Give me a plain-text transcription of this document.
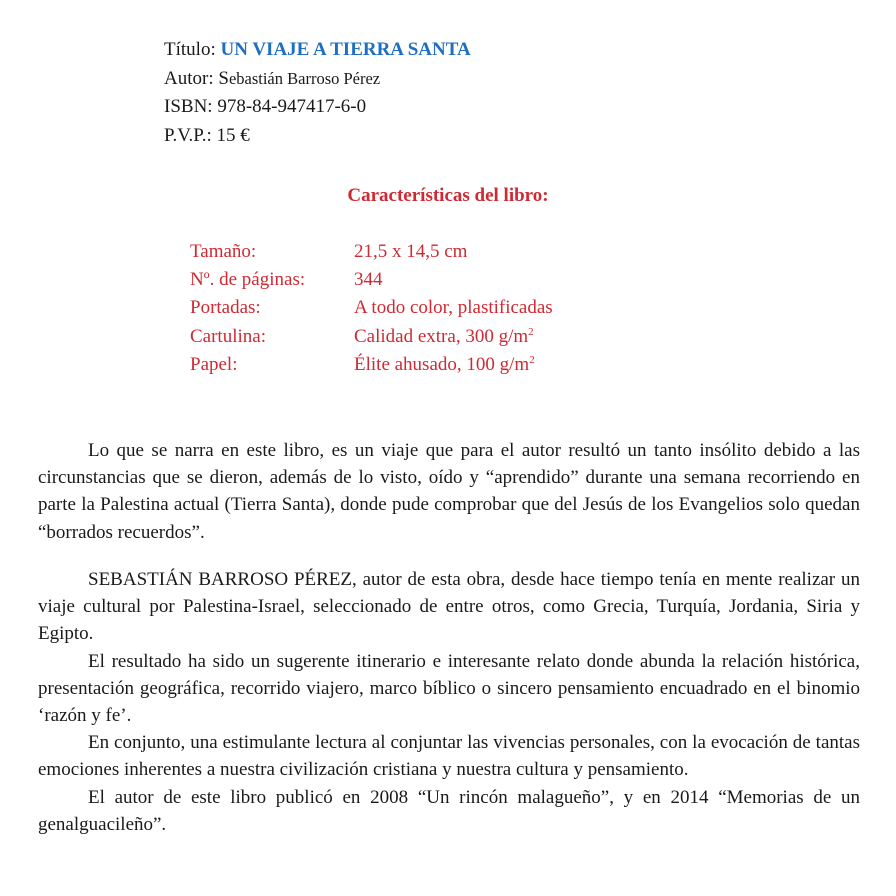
Título: UN VIAJE A TIERRA SANTA
Autor: Sebastián Barroso Pérez
ISBN: 978-84-947417-6-0
P.V.P.: 15 €
Características del libro:
Tamaño:	21,5 x 14,5 cm
Nº. de páginas:	344
Portadas:	A todo color, plastificadas
Cartulina:	Calidad extra, 300 $g/m^2$
Papel:	Élite ahusado, 100 $g/m^2$

Lo que se narra en este libro, es un viaje que para el autor resultó un tanto insólito debido a las circunstancias que se dieron, además de lo visto, oído y “aprendido” durante una semana recorriendo en parte la Palestina actual (Tierra Santa), donde pude comprobar que del Jesús de los Evangelios solo quedan “borrados recuerdos”.

SEBASTIÁN BARROSO PÉREZ, autor de esta obra, desde hace tiempo tenía en mente realizar un viaje cultural por Palestina-Israel, seleccionado de entre otros, como Grecia, Turquía, Jordania, Siria y Egipto.

El resultado ha sido un sugerente itinerario e interesante relato donde abunda la relación histórica, presentación geográfica, recorrido viajero, marco bíblico o sincero pensamiento encuadrado en el binomio ‘razón y fe’.

En conjunto, una estimulante lectura al conjuntar las vivencias personales, con la evocación de tantas emociones inherentes a nuestra civilización cristiana y nuestra cultura y pensamiento.

El autor de este libro publicó en 2008 “Un rincón malagueño”, y en 2014 “Memorias de un genalguacileño”.
